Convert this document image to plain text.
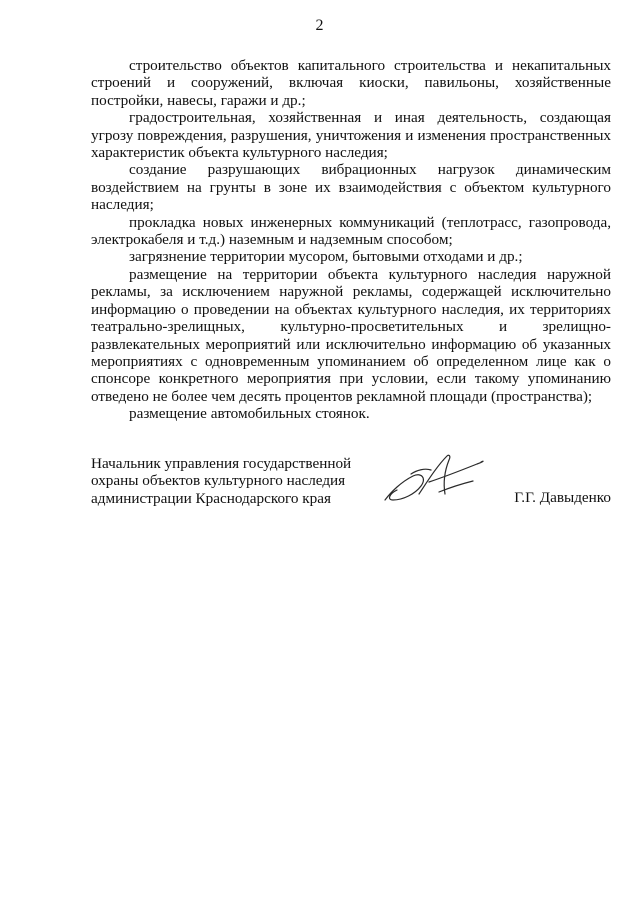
2

строительство объектов капитального строительства и некапитальных строений и сооружений, включая киоски, павильоны, хозяйственные постройки, навесы, гаражи и др.;

градостроительная, хозяйственная и иная деятельность, создающая угрозу повреждения, разрушения, уничтожения и изменения пространственных характеристик объекта культурного наследия;

создание разрушающих вибрационных нагрузок динамическим воздействием на грунты в зоне их взаимодействия с объектом культурного наследия;

прокладка новых инженерных коммуникаций (теплотрасс, газопровода, электрокабеля и т.д.) наземным и надземным способом;

загрязнение территории мусором, бытовыми отходами и др.;

размещение на территории объекта культурного наследия наружной рекламы, за исключением наружной рекламы, содержащей исключительно информацию о проведении на объектах культурного наследия, их территориях театрально-зрелищных, культурно-просветительных и зрелищно-развлекательных мероприятий или исключительно информацию об указанных мероприятиях с одновременным упоминанием об определенном лице как о спонсоре конкретного мероприятия при условии, если такому упоминанию отведено не более чем десять процентов рекламной площади (пространства);

размещение автомобильных стоянок.

Начальник управления государственной
охраны объектов культурного наследия
администрации Краснодарского края	Г.Г. Давыденко
